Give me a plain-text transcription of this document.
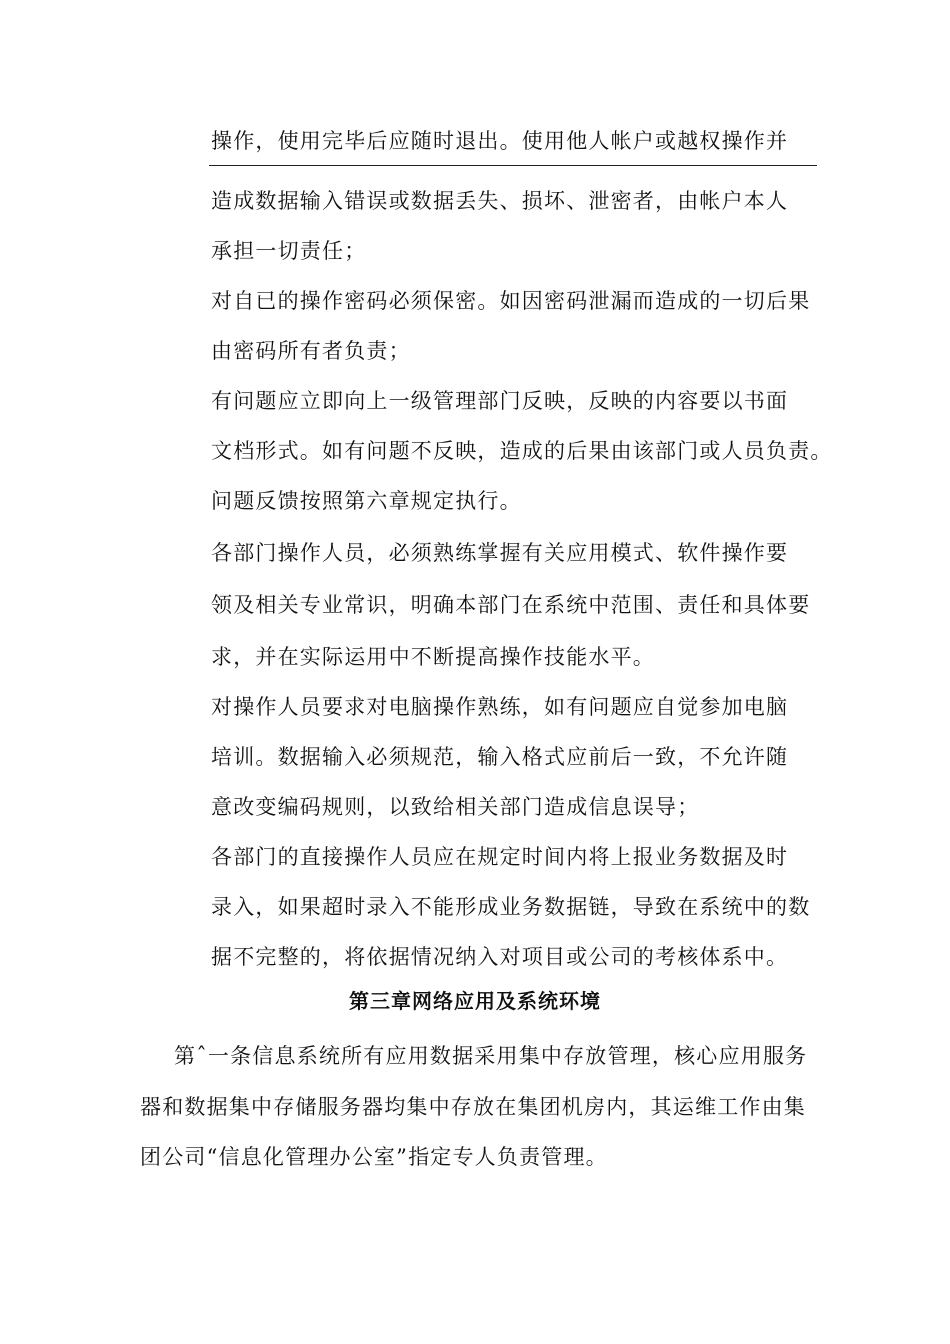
操作，使用完毕后应随时退出。使用他人帐户或越权操作并
造成数据输入错误或数据丢失、损坏、泄密者，由帐户本人
承担一切责任；
对自已的操作密码必须保密。如因密码泄漏而造成的一切后果
由密码所有者负责；
有问题应立即向上一级管理部门反映，反映的内容要以书面
文档形式。如有问题不反映，造成的后果由该部门或人员负责。
问题反馈按照第六章规定执行。
各部门操作人员，必须熟练掌握有关应用模式、软件操作要
领及相关专业常识，明确本部门在系统中范围、责任和具体要
求，并在实际运用中不断提高操作技能水平。
对操作人员要求对电脑操作熟练，如有问题应自觉参加电脑
培训。数据输入必须规范，输入格式应前后一致，不允许随
意改变编码规则，以致给相关部门造成信息误导；
各部门的直接操作人员应在规定时间内将上报业务数据及时
录入，如果超时录入不能形成业务数据链，导致在系统中的数
据不完整的，将依据情况纳入对项目或公司的考核体系中。
第三章网络应用及系统环境
第ˆ一条信息系统所有应用数据采用集中存放管理，核心应用服务
器和数据集中存储服务器均集中存放在集团机房内，其运维工作由集
团公司“信息化管理办公室”指定专人负责管理。
